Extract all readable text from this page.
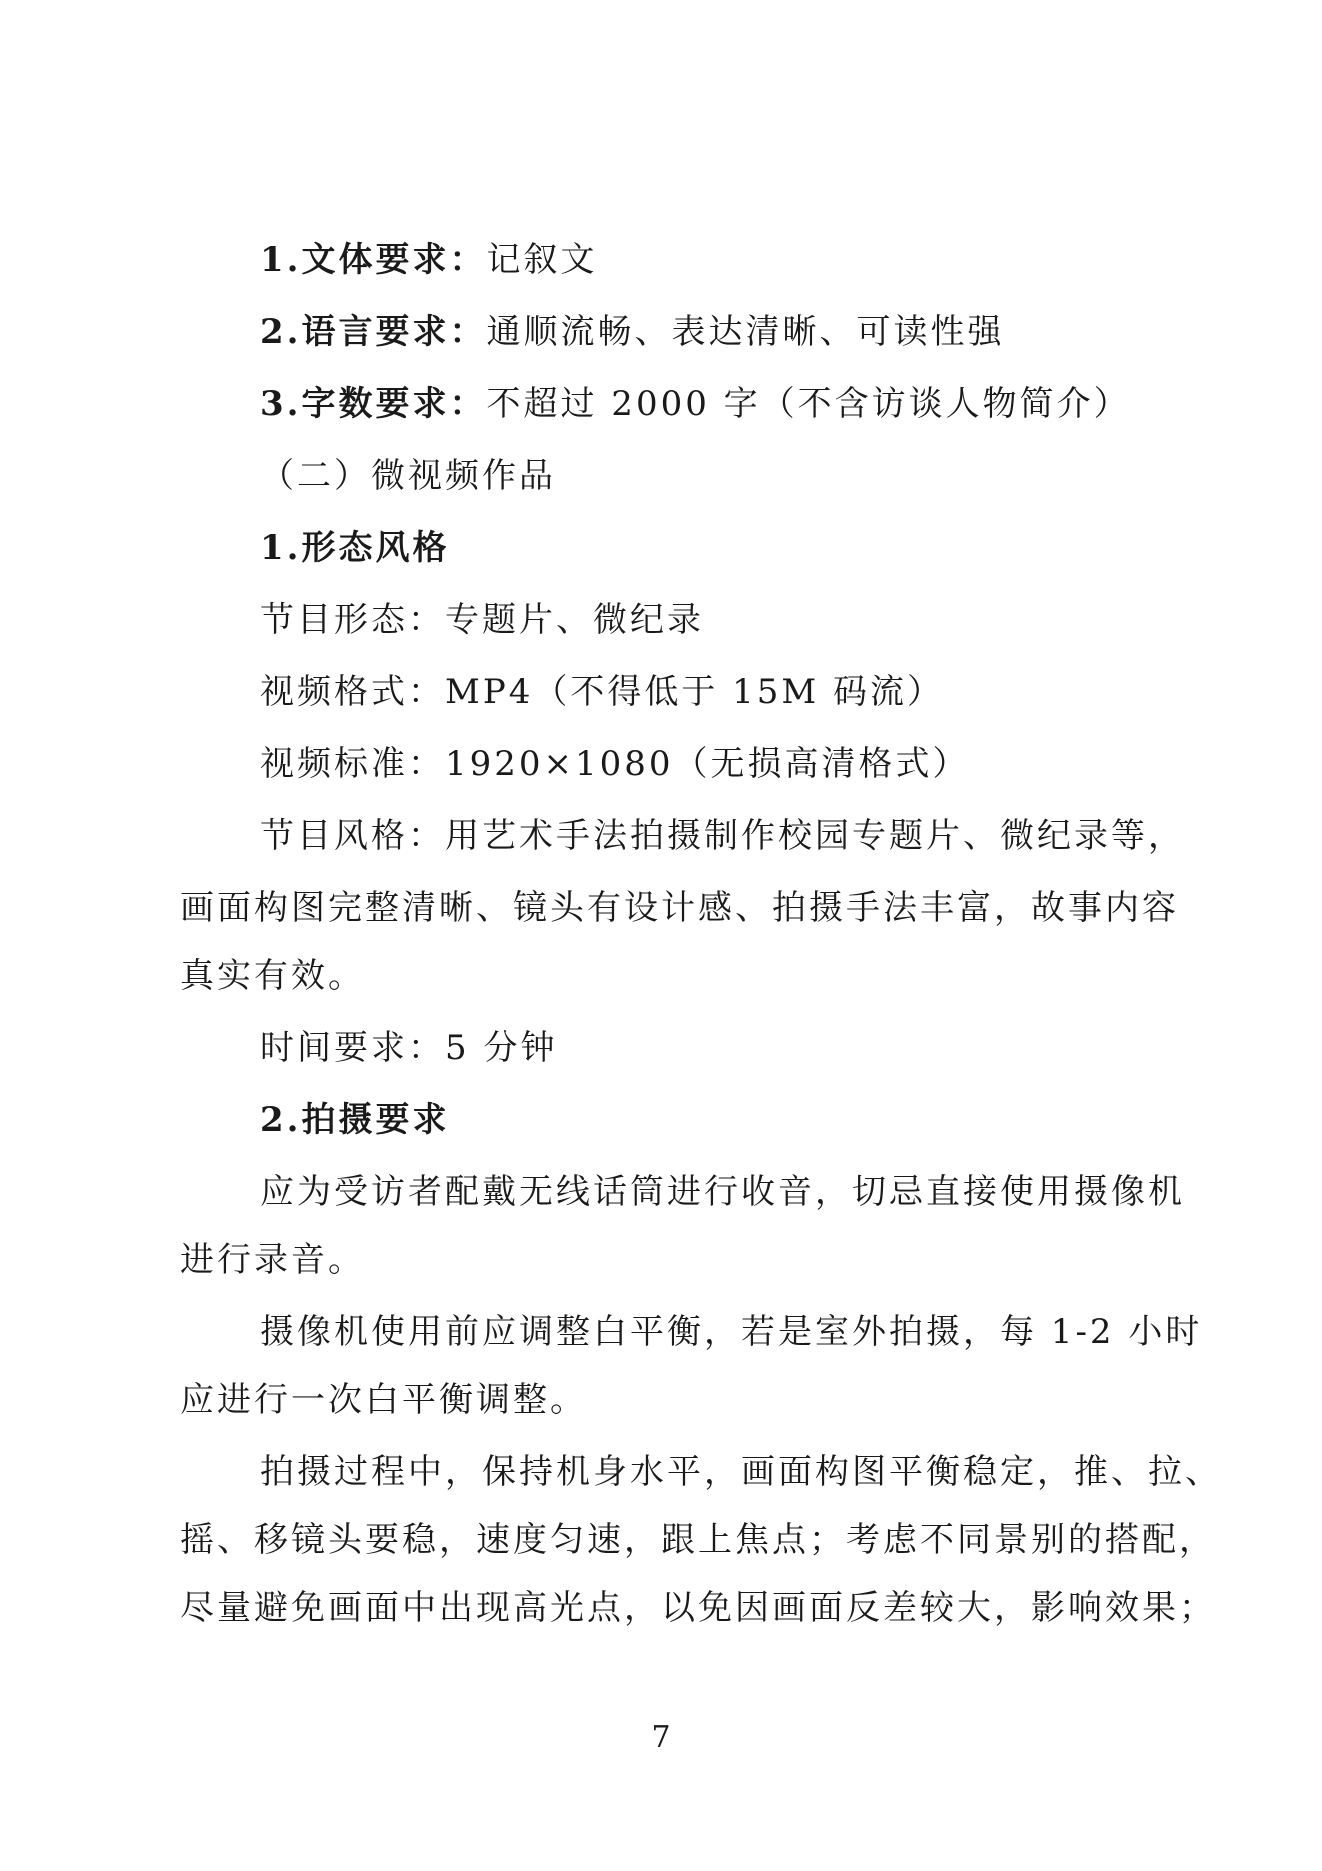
1.文体要求：记叙文
2.语言要求：通顺流畅、表达清晰、可读性强
3.字数要求：不超过 2000 字（不含访谈人物简介）
（二）微视频作品
1.形态风格
节目形态：专题片、微纪录
视频格式：MP4（不得低于 15M 码流）
视频标准：1920×1080（无损高清格式）
节目风格：用艺术手法拍摄制作校园专题片、微纪录等，
画面构图完整清晰、镜头有设计感、拍摄手法丰富，故事内容
真实有效。
时间要求：5 分钟
2.拍摄要求
应为受访者配戴无线话筒进行收音，切忌直接使用摄像机
进行录音。
摄像机使用前应调整白平衡，若是室外拍摄，每 1-2 小时
应进行一次白平衡调整。
拍摄过程中，保持机身水平，画面构图平衡稳定，推、拉、
摇、移镜头要稳，速度匀速，跟上焦点；考虑不同景别的搭配，
尽量避免画面中出现高光点，以免因画面反差较大，影响效果；
7
